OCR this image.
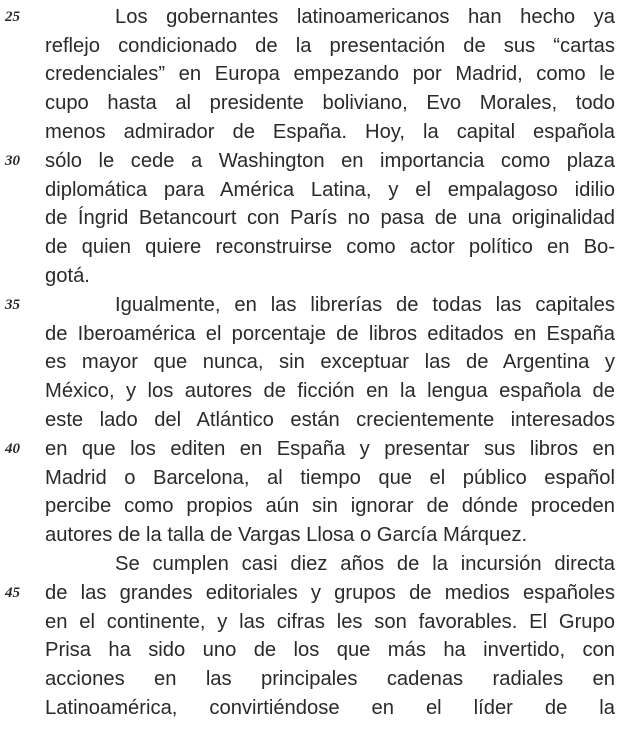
25
30
35
40
45
Los gobernantes latinoamericanos han hecho ya
reflejo condicionado de la presentación de sus “cartas
credenciales” en Europa empezando por Madrid, como le
cupo hasta al presidente boliviano, Evo Morales, todo
menos admirador de España. Hoy, la capital española
sólo le cede a Washington en importancia como plaza
diplomática para América Latina, y el empalagoso idilio
de Íngrid Betancourt con París no pasa de una originalidad
de quien quiere reconstruirse como actor político en Bo-
gotá.
Igualmente, en las librerías de todas las capitales
de Iberoamérica el porcentaje de libros editados en España
es mayor que nunca, sin exceptuar las de Argentina y
México, y los autores de ficción en la lengua española de
este lado del Atlántico están crecientemente interesados
en que los editen en España y presentar sus libros en
Madrid o Barcelona, al tiempo que el público español
percibe como propios aún sin ignorar de dónde proceden
autores de la talla de Vargas Llosa o García Márquez.
Se cumplen casi diez años de la incursión directa
de las grandes editoriales y grupos de medios españoles
en el continente, y las cifras les son favorables. El Grupo
Prisa ha sido uno de los que más ha invertido, con
acciones en las principales cadenas radiales en
Latinoamérica, convirtiéndose en el líder de la
